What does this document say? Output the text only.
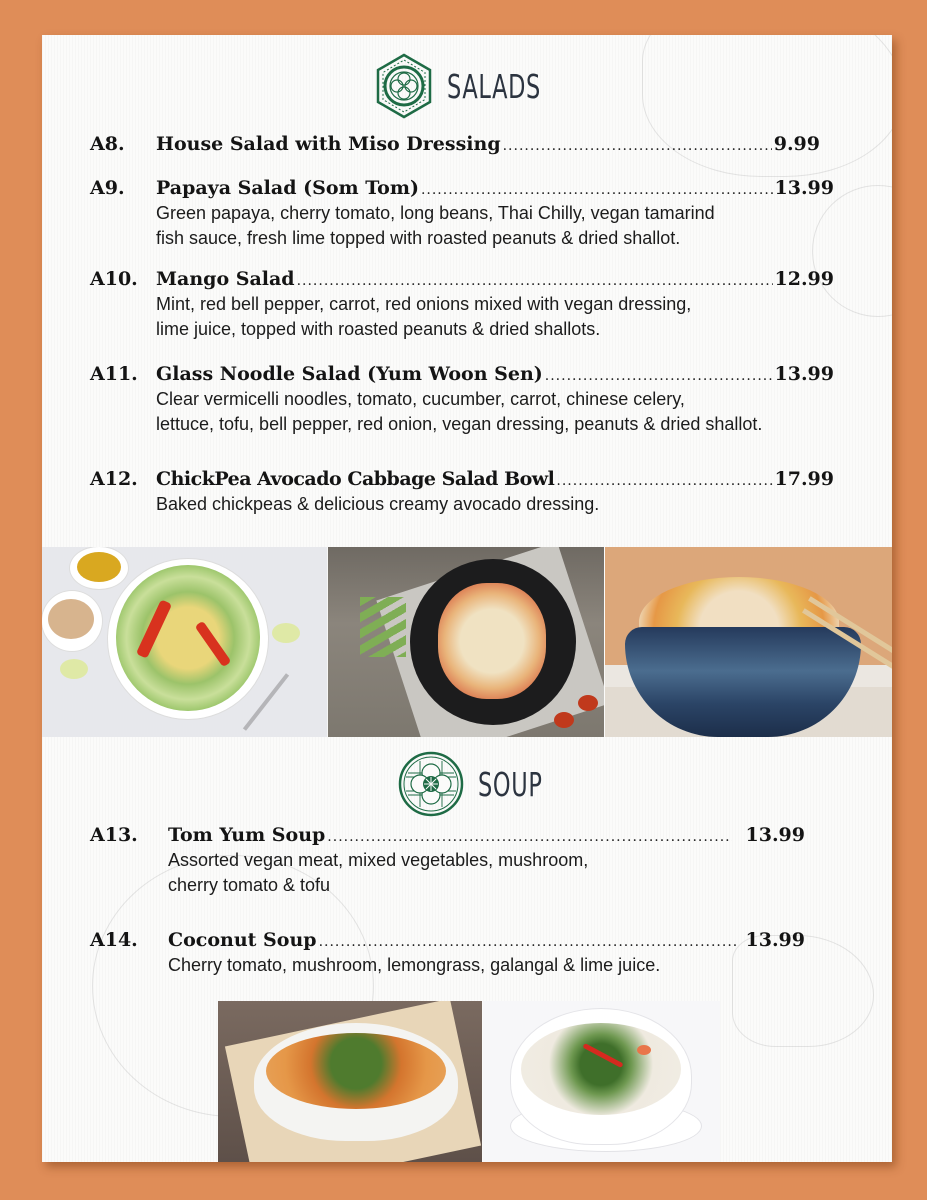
SALADS
A8.	House Salad with Miso Dressing .....	9.99
A9.	Papaya Salad (Som Tom) .....	13.99
Green papaya, cherry tomato, long beans, Thai Chilly, vegan tamarind
fish sauce, fresh lime topped with roasted peanuts & dried shallot.
A10. Mango Salad .....	12.99
Mint, red bell pepper, carrot, red onions mixed with vegan dressing,
lime juice, topped with roasted peanuts & dried shallots.
A11. Glass Noodle Salad (Yum Woon Sen) .....	13.99
Clear vermicelli noodles, tomato, cucumber, carrot, chinese celery,
lettuce, tofu, bell pepper, red onion, vegan dressing, peanuts & dried shallot.
A12. ChickPea Avocado Cabbage Salad Bowl .....	17.99
Baked chickpeas & delicious creamy avocado dressing.
SOUP
A13.	Tom Yum Soup .....	13.99
Assorted vegan meat, mixed vegetables, mushroom,
cherry tomato & tofu
A14.	Coconut Soup .....	13.99
Cherry tomato, mushroom, lemongrass, galangal & lime juice.
